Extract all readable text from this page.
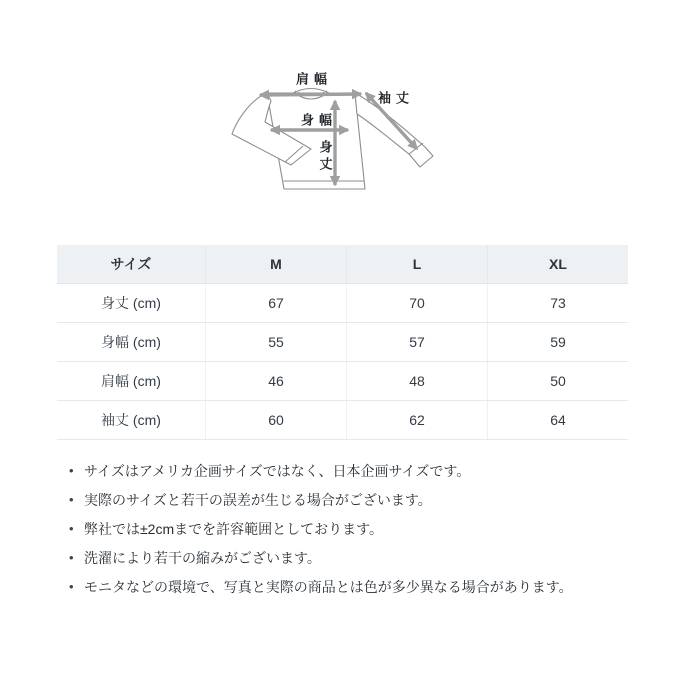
肩幅
袖丈
身幅
身丈
サイズ	M	L	XL
身丈 (cm)	67	70	73
身幅 (cm)	55	57	59
肩幅 (cm)	46	48	50
袖丈 (cm)	60	62	64
• サイズはアメリカ企画サイズではなく、日本企画サイズです。
• 実際のサイズと若干の誤差が生じる場合がございます。
• 弊社では±2cmまでを許容範囲としております。
• 洗濯により若干の縮みがございます。
• モニタなどの環境で、写真と実際の商品とは色が多少異なる場合があります。
